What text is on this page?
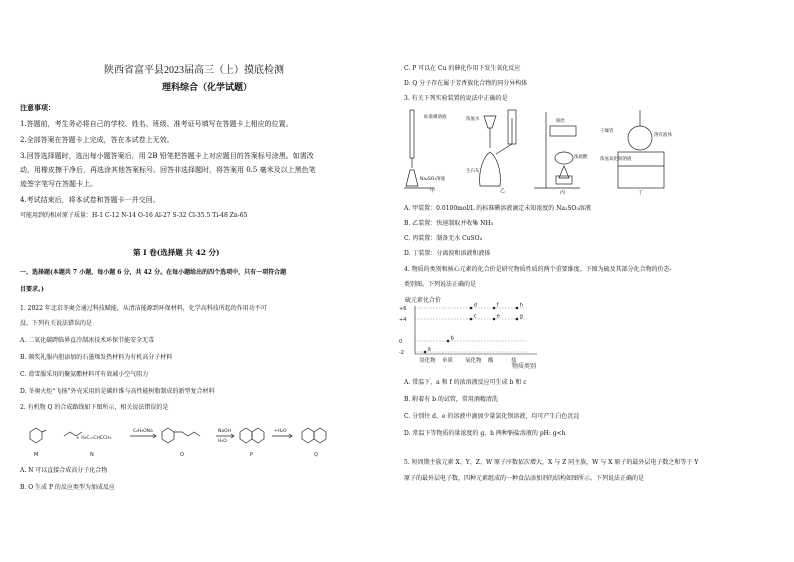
陕西省富平县2023届高三（上）摸底检测
理科综合（化学试题）
注意事项：
1.答题前，考生务必将自己的学校、姓名、班级、准考证号填写在答题卡上相应的位置。
2.全部答案在答题卡上完成，答在本试卷上无效。
3.回答选择题时，选出每小题答案后，用 2B 铅笔把答题卡上对应题目的答案标号涂黑。如需改
动，用橡皮擦干净后，再选涂其他答案标号。回答非选择题时，将答案用 0.5 毫米及以上黑色笔
迹签字笔写在答题卡上。
4.考试结束后，将本试卷和答题卡一并交回。
可能用到的相对原子质量：H-1 C-12 N-14 O-16 Al-27 S-32 Cl-35.5 Ti-48 Zn-65
第 I 卷(选择题 共 42 分)
一、选择题(本题共 7 小题，每小题 6 分，共 42 分。在每小题给出的四个选项中，只有一项符合题
目要求。)
1. 2022 年北京冬奥会通过科技赋能，从清洁能源到环保材料，化学高科技所起的作用功不可
没。下列有关说法错误的是
A. 二氧化碳跨临界直冷制冰技术环保节能安全无毒
B. 颁奖礼服内胆添加的石墨烯发热材料为有机高分子材料
C. 滑雪服采用的聚氨酯材料可有效减小空气阻力
D. 冬奥火炬“飞扬”外壳采用的是碳纤维与高性能树脂制成的新型复合材料
2. 有机物 Q 的合成路线如下图所示，相关说法错误的是
+ H₂C=CHCCH₃
C₂H₅ONa	NaOH
H₂O
+H₂O
M	N	O	P	Q
A. N 可以直接合成高分子化合物
B. O 生成 P 的反应类型为加成反应
C. P 可以在 Cu 的催化作用下发生氧化反应
D. Q 分子存在属于芳香族化合物的同分异构体
3. 有关下列实验装置的说法中正确的是
标准碘溶液
Na₂SO₃溶液
甲
浓氨水
生石灰
乙
铜丝
浓硫酸
丙
干燥管
溶有液体
浓氢氧化钠溶液
丁
A. 甲装置：0.0100mol/L 的标准碘溶液滴定未知浓度的 Na₂SO₃溶液
B. 乙装置：快速制取并收集 NH₃
C. 丙装置：制备无水 CuSO₄
D. 丁装置：分离溴和溶液和液体
4. 物质的类别和核心元素的化合价是研究物质性质的两个重要维度。下图为硫及其部分化合物的价态-
类别图。下列说法正确的是
硫元素化合价
物质类别
+6
+4
0
-2
氢化物 单质 氧化物 酸	盐
a
b
c
d
e
f
g
h
A. 常温下，a 和 f 的浓溶液反应可生成 b 和 c
B. 附着有 b 的试管，常用酒精清洗
C. 分别往 d、e 的溶液中滴加少量氯化钡溶液，均可产生白色沉淀
D. 常温下等物质的量浓度的 g、h 两种钠盐溶液的 pH: g<h
5. 短周期主族元素 X、Y、Z、W 原子序数依次增大，X 与 Z 同主族，W 与 X 原子的最外层电子数之和等于 Y
原子的最外层电子数，四种元素组成的一种食品添加剂的结构如图所示。下列说法正确的是
